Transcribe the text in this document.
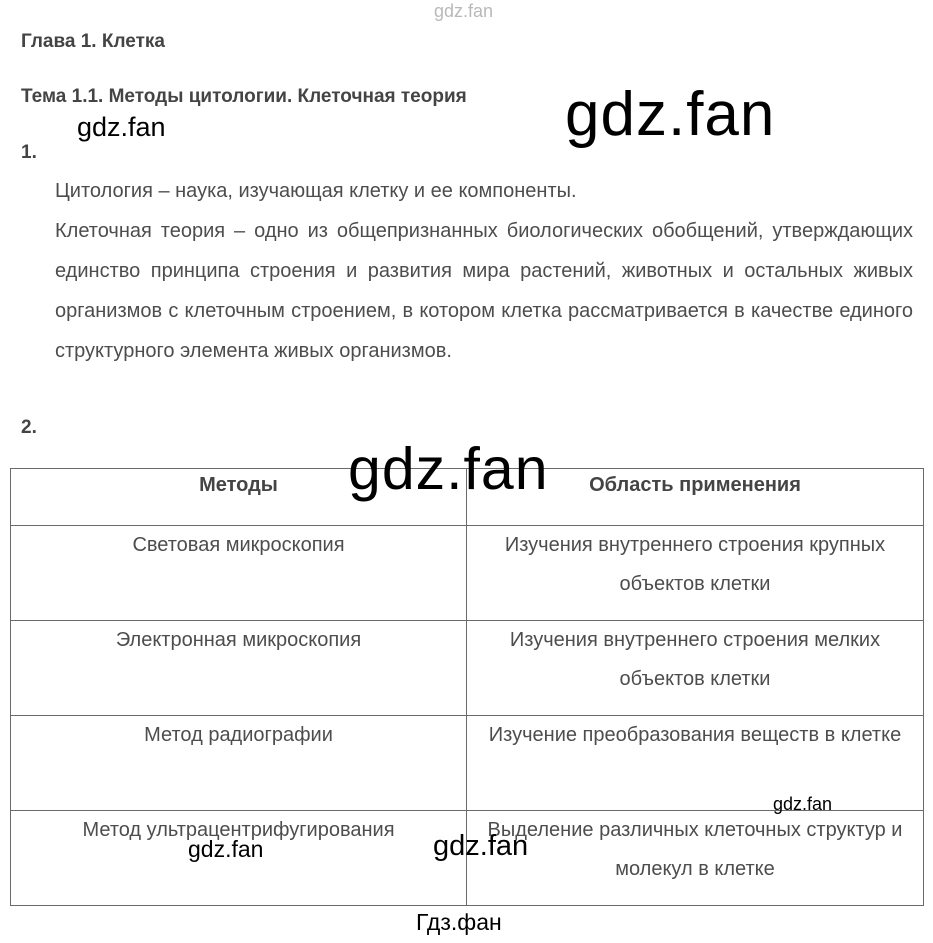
gdz.fan
Глава 1. Клетка
Тема 1.1. Методы цитологии. Клеточная теория gdz.fan
gdz.fan
1.

Цитология – наука, изучающая клетку и ее компоненты.

Клеточная теория – одно из общепризнанных биологических обобщений, утверждающих единство принципа строения и развития мира растений, животных и остальных живых организмов с клеточным строением, в котором клетка рассматривается в качестве единого структурного элемента живых организмов.

2.
Методы	Область применения
Световая микроскопия	Изучения внутреннего строения крупных объектов клетки
Электронная микроскопия	Изучения внутреннего строения мелких объектов клетки
Метод радиографии	Изучение преобразования веществ в клетке
Метод ультрацентрифугирования	Выделение различных клеточных структур и молекул в клетке
gdz.fan
gdz.fan
gdz.fan	gdz.fan
Гдз.фан
